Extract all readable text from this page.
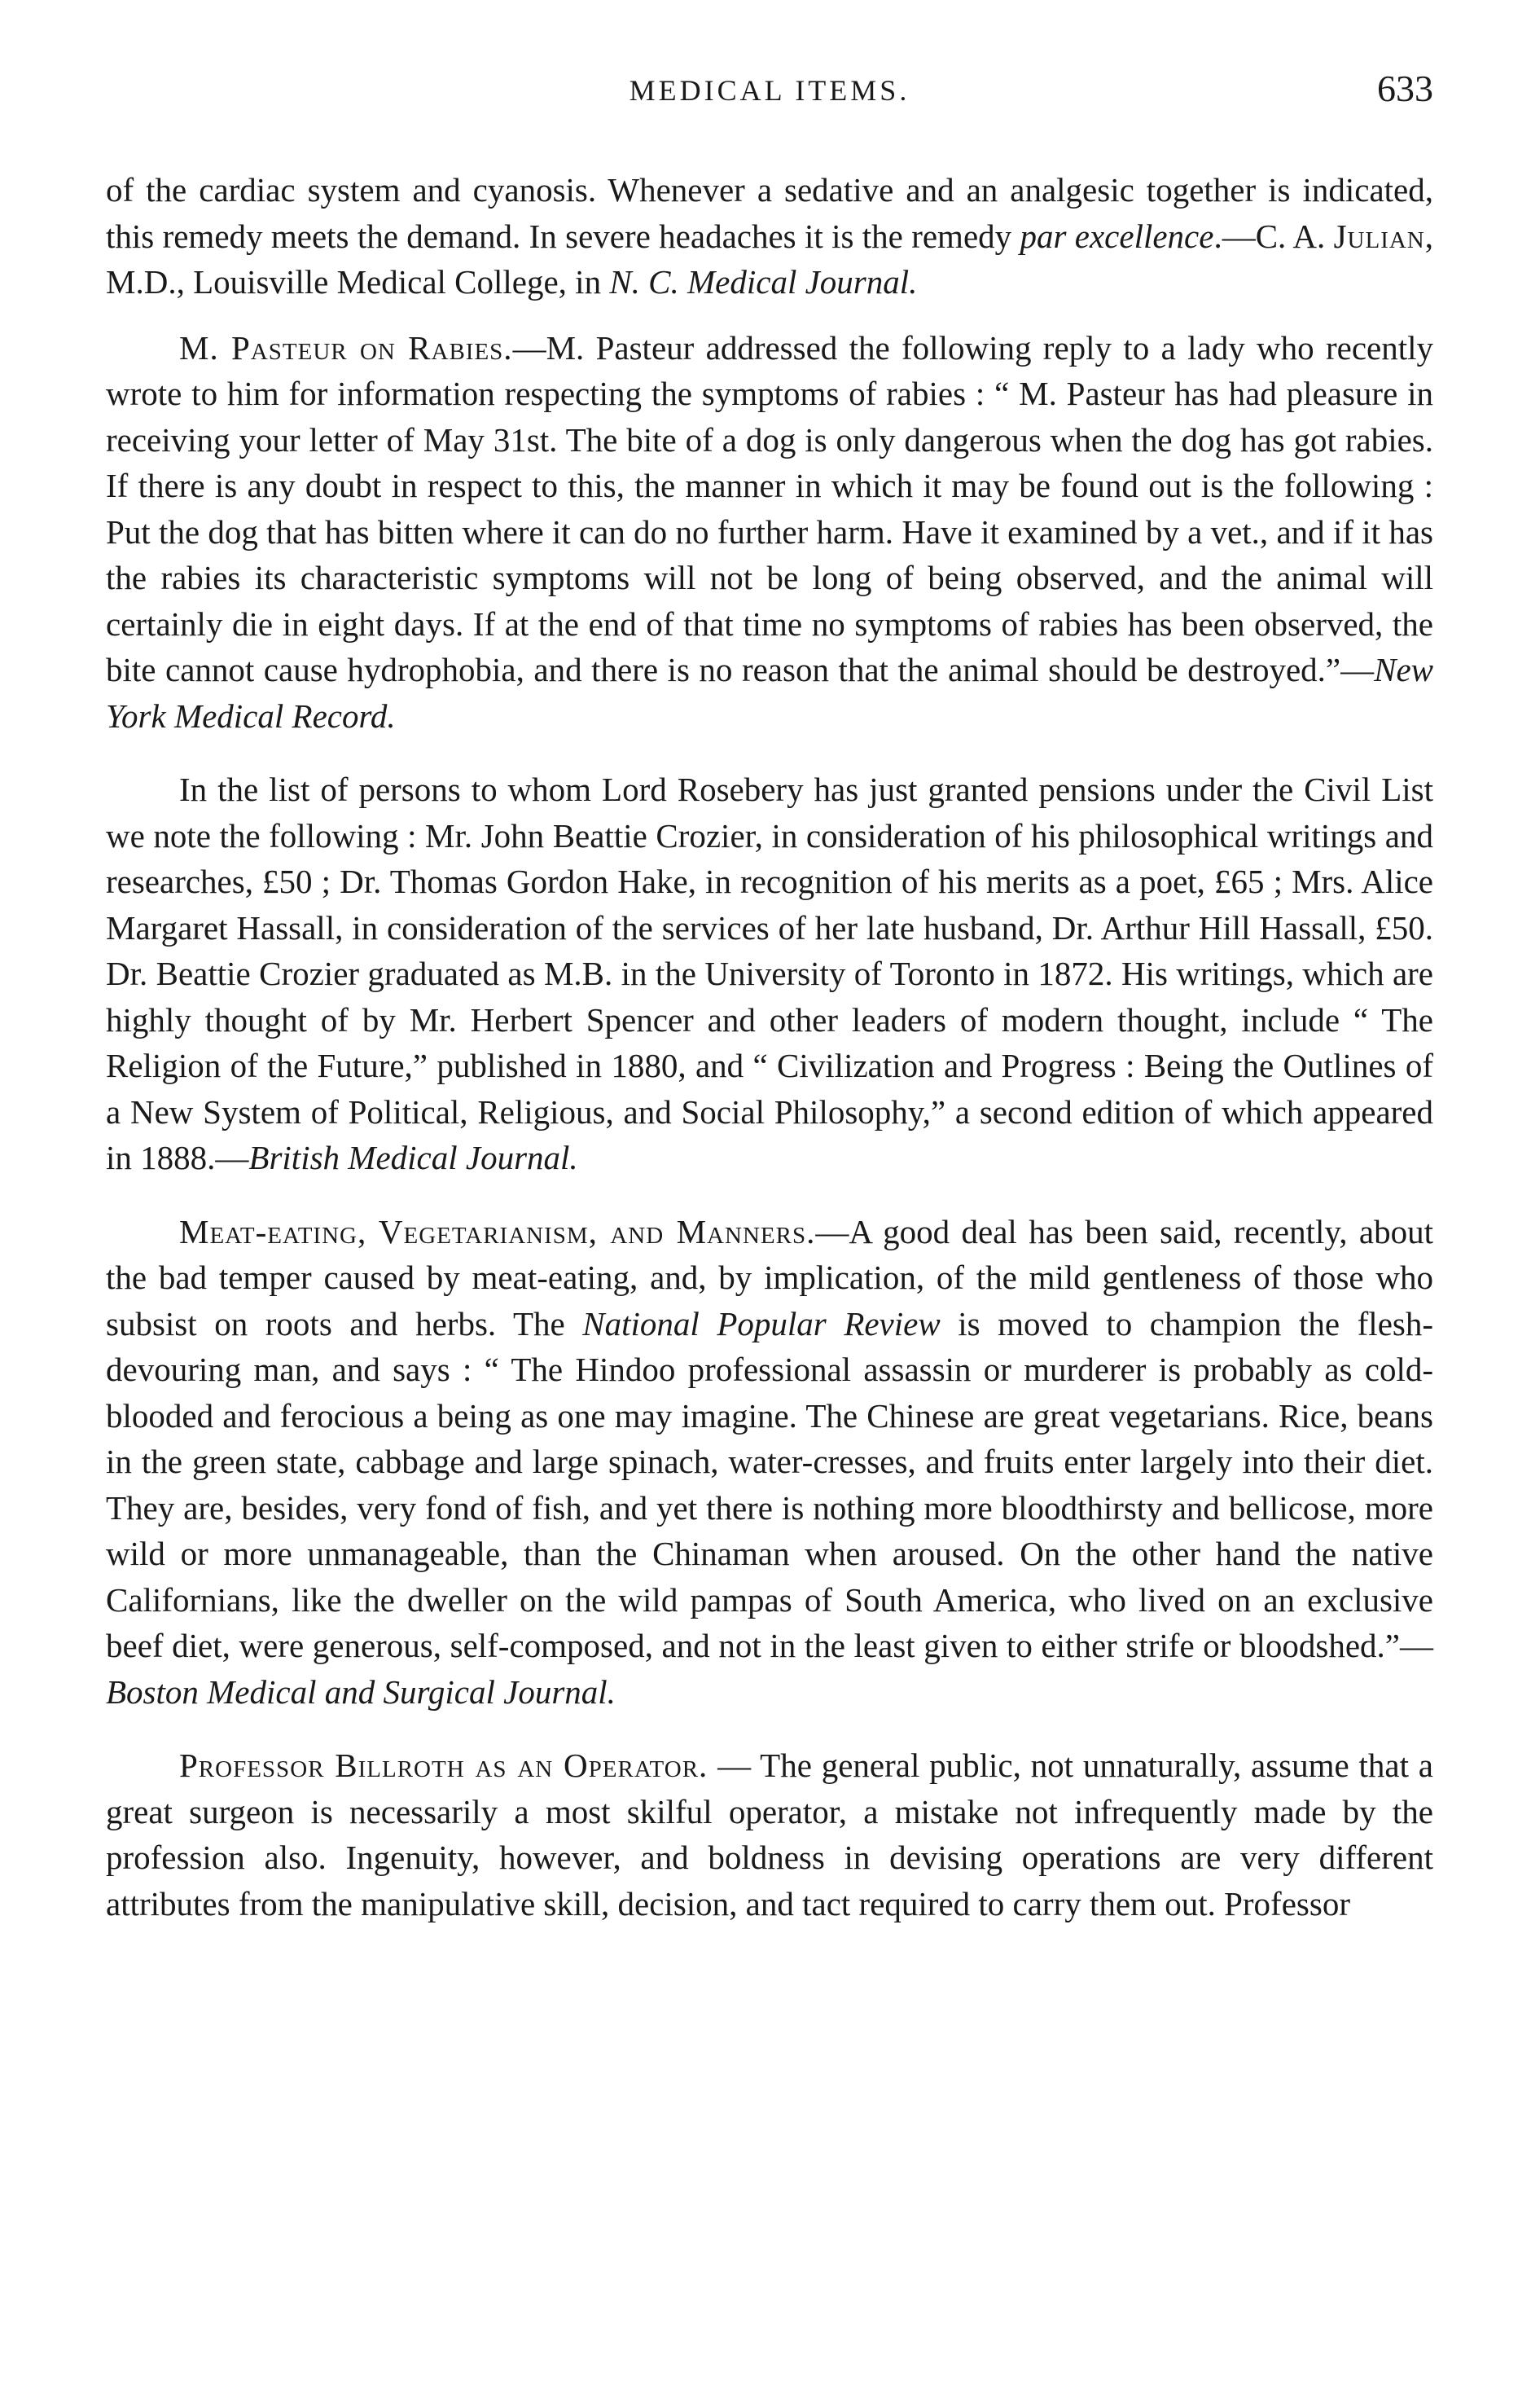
MEDICAL ITEMS.	633

of the cardiac system and cyanosis. Whenever a sedative and an analgesic together is indicated, this remedy meets the demand. In severe headaches it is the remedy par excellence.—C. A. Julian, M.D., Louisville Medical College, in N. C. Medical Journal.

M. Pasteur on Rabies.—M. Pasteur addressed the following reply to a lady who recently wrote to him for information respecting the symptoms of rabies : “ M. Pasteur has had pleasure in receiving your letter of May 31st. The bite of a dog is only dangerous when the dog has got rabies. If there is any doubt in respect to this, the manner in which it may be found out is the following : Put the dog that has bitten where it can do no further harm. Have it examined by a vet., and if it has the rabies its characteristic symptoms will not be long of being observed, and the animal will certainly die in eight days. If at the end of that time no symptoms of rabies has been observed, the bite cannot cause hydrophobia, and there is no reason that the animal should be destroyed.”—New York Medical Record.

In the list of persons to whom Lord Rosebery has just granted pensions under the Civil List we note the following : Mr. John Beattie Crozier, in consideration of his philosophical writings and researches, £50 ; Dr. Thomas Gordon Hake, in recognition of his merits as a poet, £65 ; Mrs. Alice Margaret Hassall, in consideration of the services of her late husband, Dr. Arthur Hill Hassall, £50. Dr. Beattie Crozier graduated as M.B. in the University of Toronto in 1872. His writings, which are highly thought of by Mr. Herbert Spencer and other leaders of modern thought, include “ The Religion of the Future,” published in 1880, and “ Civilization and Progress : Being the Outlines of a New System of Political, Religious, and Social Philosophy,” a second edition of which appeared in 1888.—British Medical Journal.

Meat-eating, Vegetarianism, and Manners.—A good deal has been said, recently, about the bad temper caused by meat-eating, and, by implication, of the mild gentleness of those who subsist on roots and herbs. The National Popular Review is moved to champion the flesh-devouring man, and says : “ The Hindoo professional assassin or murderer is probably as cold-blooded and ferocious a being as one may imagine. The Chinese are great vegetarians. Rice, beans in the green state, cabbage and large spinach, water-cresses, and fruits enter largely into their diet. They are, besides, very fond of fish, and yet there is nothing more bloodthirsty and bellicose, more wild or more unmanageable, than the Chinaman when aroused. On the other hand the native Californians, like the dweller on the wild pampas of South America, who lived on an exclusive beef diet, were generous, self-composed, and not in the least given to either strife or bloodshed.”—Boston Medical and Surgical Journal.

Professor Billroth as an Operator. — The general public, not unnaturally, assume that a great surgeon is necessarily a most skilful operator, a mistake not infrequently made by the profession also. Ingenuity, however, and boldness in devising operations are very different attributes from the manipulative skill, decision, and tact required to carry them out. Professor
